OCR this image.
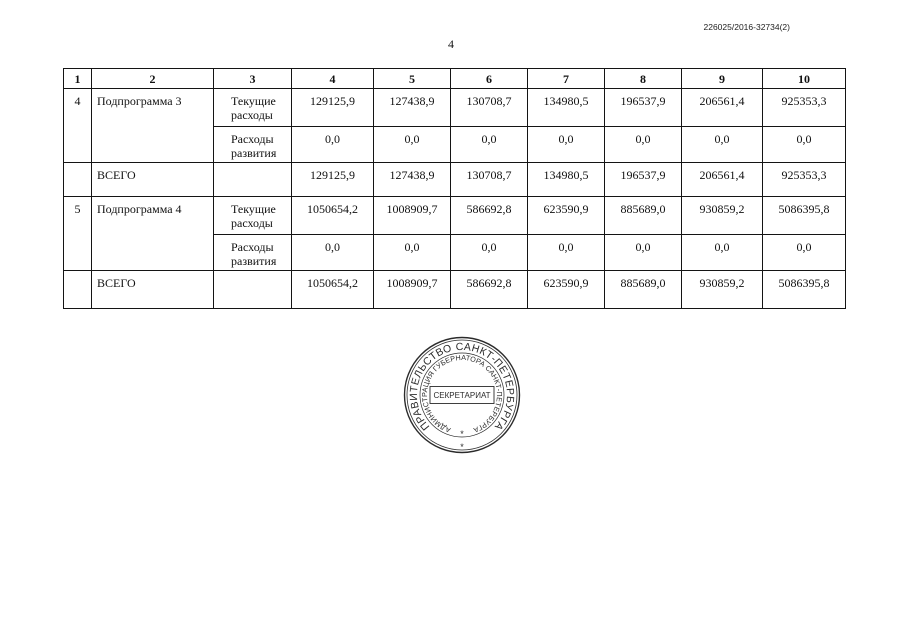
226025/2016-32734(2)
4
1	2	3	4	5	6	7	8	9	10
4	Подпрограмма 3	Текущие расходы	129125,9	127438,9	130708,7	134980,5	196537,9	206561,4	925353,3
		Расходы развития	0,0	0,0	0,0	0,0	0,0	0,0	0,0
	ВСЕГО		129125,9	127438,9	130708,7	134980,5	196537,9	206561,4	925353,3
5	Подпрограмма 4	Текущие расходы	1050654,2	1008909,7	586692,8	623590,9	885689,0	930859,2	5086395,8
		Расходы развития	0,0	0,0	0,0	0,0	0,0	0,0	0,0
	ВСЕГО		1050654,2	1008909,7	586692,8	623590,9	885689,0	930859,2	5086395,8
ПРАВИТЕЛЬСТВО САНКТ-ПЕТЕРБУРГА
АДМИНИСТРАЦИЯ ГУБЕРНАТОРА САНКТ-ПЕТЕРБУРГА
*
*
СЕКРЕТАРИАТ
